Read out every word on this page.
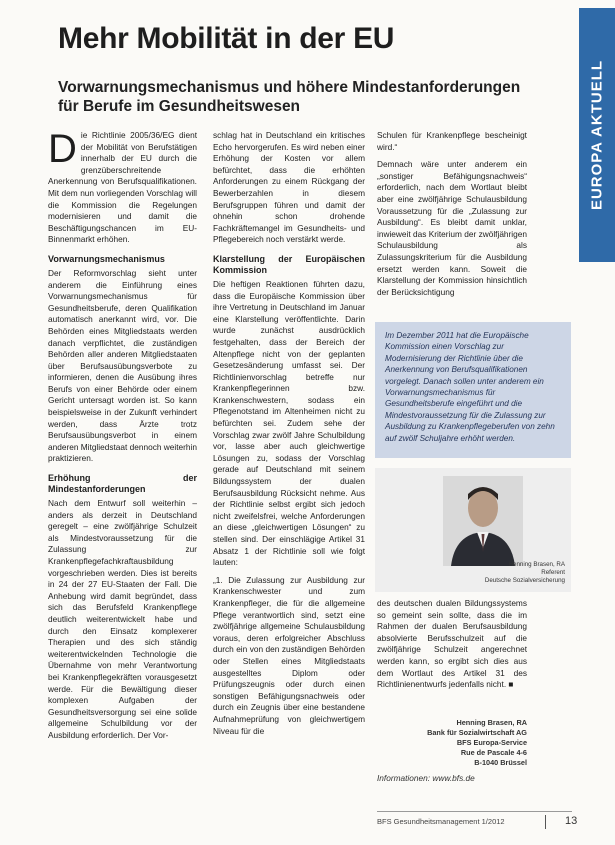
Mehr Mobilität in der EU
Vorwarnungsmechanismus und höhere Mindestanforderungen für Berufe im Gesundheitswesen	EUROPA AKTUELL

Die Richtlinie 2005/36/EG dient der Mobilität von Berufstätigen innerhalb der EU durch die grenzüberschreitende Anerkennung von Berufsqualifikationen. Mit dem nun vorliegenden Vorschlag will die Kommission die Regelungen modernisieren und damit die Beschäftigungschancen im EU-Binnenmarkt erhöhen.

Vorwarnungsmechanismus

Der Reformvorschlag sieht unter anderem die Einführung eines Vorwarnungsmechanismus für Gesundheitsberufe, deren Qualifikation automatisch anerkannt wird, vor. Die Behörden eines Mitgliedstaats werden danach verpflichtet, die zuständigen Behörden aller anderen Mitgliedstaaten über Berufsausübungsverbote zu informieren, denen die Ausübung ihres Berufs von einer Behörde oder einem Gericht untersagt worden ist. So kann beispielsweise in der Zukunft verhindert werden, dass Ärzte trotz Berufsausübungsverbot in einem anderen Mitgliedstaat dennoch weiterhin praktizieren.

Erhöhung der Mindestanforderungen

Nach dem Entwurf soll weiterhin – anders als derzeit in Deutschland geregelt – eine zwölfjährige Schulzeit als Mindestvoraussetzung für die Zulassung zur Krankenpflegefachkraftausbildung vorgeschrieben werden. Dies ist bereits in 24 der 27 EU-Staaten der Fall. Die Anhebung wird damit begründet, dass sich das Berufsfeld Krankenpflege deutlich weiterentwickelt habe und durch den Einsatz komplexerer Therapien und des sich ständig weiterentwickelnden Technologie die Übernahme von mehr Verantwortung bei Krankenpflegekräften vorausgesetzt werde. Für die Bewältigung dieser komplexen Aufgaben der Gesundheitsversorgung sei eine solide allgemeine Schulbildung vor der Ausbildung erforderlich. Der Vor-

schlag hat in Deutschland ein kritisches Echo hervorgerufen. Es wird neben einer Erhöhung der Kosten vor allem befürchtet, dass die erhöhten Anforderungen zu einem Rückgang der Bewerberzahlen in diesem Berufsgruppen führen und damit der ohnehin schon drohende Fachkräftemangel im Gesundheits- und Pflegebereich noch verstärkt werde.

Klarstellung der Europäischen Kommission

Die heftigen Reaktionen führten dazu, dass die Europäische Kommission über ihre Vertretung in Deutschland im Januar eine Klarstellung veröffentlichte. Darin wurde zunächst ausdrücklich festgehalten, dass der Bereich der Altenpflege nicht von der geplanten Gesetzesänderung umfasst sei. Der Richtlinienvorschlag betreffe nur Krankenpflegerinnen bzw. Krankenschwestern, sodass ein Pflegenotstand im Altenheimen nicht zu befürchten sei. Zudem sehe der Vorschlag zwar zwölf Jahre Schulbildung vor, lasse aber auch gleichwertige Lösungen zu, sodass der Vorschlag gerade auf Deutschland mit seinem Bildungssystem der dualen Berufsausbildung Rücksicht nehme. Aus der Richtlinie selbst ergibt sich jedoch nicht zweifelsfrei, welche Anforderungen an diese „gleichwertigen Lösungen“ zu stellen sind. Der einschlägige Artikel 31 Absatz 1 der Richtlinie soll wie folgt lauten:

„1. Die Zulassung zur Ausbildung zur Krankenschwester und zum Krankenpfleger, die für die allgemeine Pflege verantwortlich sind, setzt eine zwölfjährige allgemeine Schulausbildung voraus, deren erfolgreicher Abschluss durch ein von den zuständigen Behörden oder Stellen eines Mitgliedstaats ausgestelltes Diplom oder Prüfungszeugnis oder durch einen sonstigen Befähigungsnachweis oder durch ein Zeugnis über eine bestandene Aufnahmeprüfung von gleichwertigem Niveau für die

Schulen für Krankenpflege bescheinigt wird.“

Demnach wäre unter anderem ein „sonstiger Befähigungsnachweis“ erforderlich, nach dem Wortlaut bleibt aber eine zwölfjährige Schulausbildung Voraussetzung für die „Zulassung zur Ausbildung“. Es bleibt damit unklar, inwieweit das Kriterium der zwölfjährigen Schulausbildung als Zulassungskriterium für die Ausbildung ersetzt werden kann. Soweit die Klarstellung der Kommission hinsichtlich der Berücksichtigung

Im Dezember 2011 hat die Europäische Kommission einen Vorschlag zur Modernisierung der Richtlinie über die Anerkennung von Berufsqualifikationen vorgelegt. Danach sollen unter anderem ein Vorwarnungsmechanismus für Gesundheitsberufe eingeführt und die Mindestvoraussetzung für die Zulassung zur Ausbildung zu Krankenpflegeberufen von zehn auf zwölf Schuljahre erhöht werden.

Henning Brasen, RA
Referent
Deutsche Sozialversicherung

des deutschen dualen Bildungssystems so gemeint sein sollte, dass die im Rahmen der dualen Berufsausbildung absolvierte Berufsschulzeit auf die zwölfjährige Schulzeit angerechnet werden kann, so ergibt sich dies aus dem Wortlaut des Artikel 31 des Richtlinienentwurfs jedenfalls nicht. ■

Henning Brasen, RA
Bank für Sozialwirtschaft AG
BFS Europa-Service
Rue de Pascale 4-6
B-1040 Brüssel
Informationen: www.bfs.de
BFS Gesundheitsmanagement 1/2012	13
